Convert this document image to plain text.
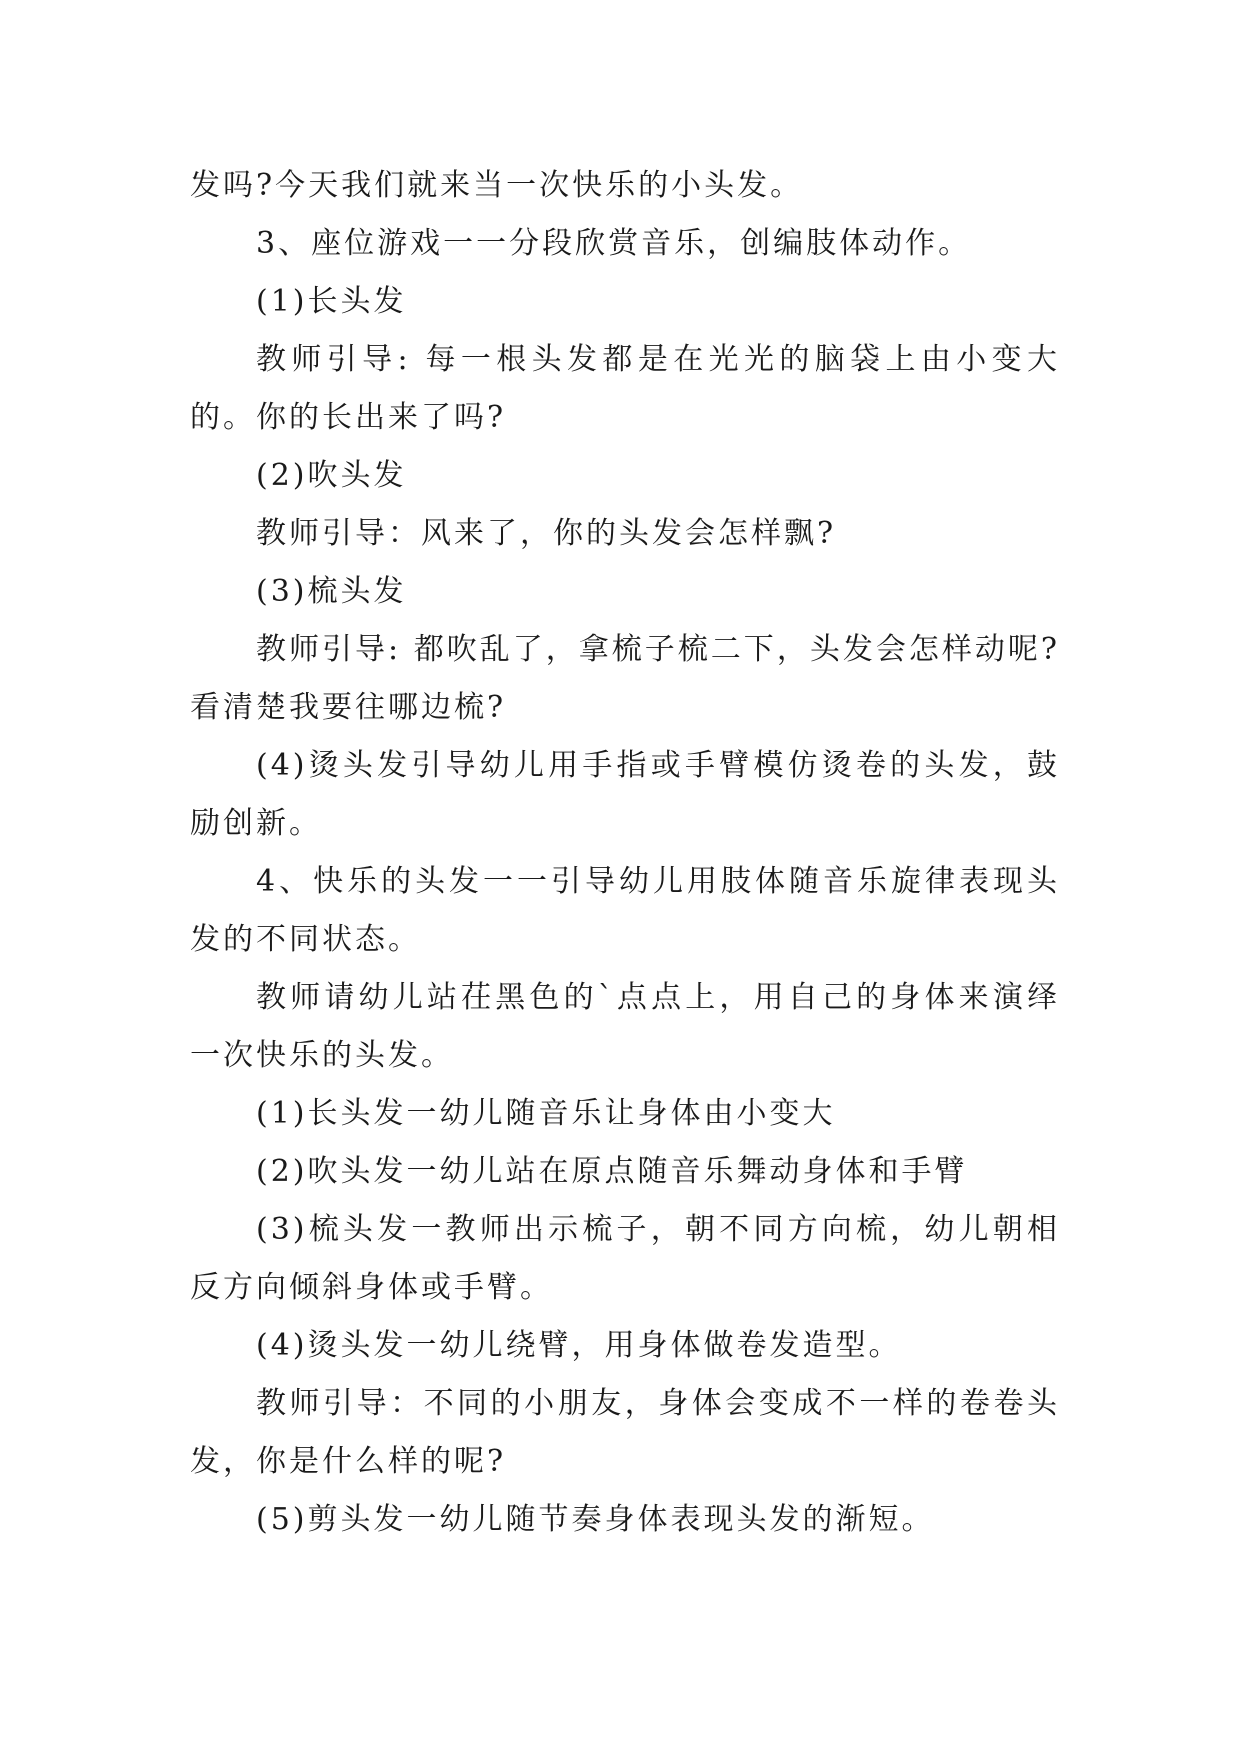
发吗?今天我们就来当一次快乐的小头发。

3、座位游戏一一分段欣赏音乐，创编肢体动作。

(1)长头发

教师引导: 每一根头发都是在光光的脑袋上由小变大的。你的长出来了吗?

(2)吹头发

教师引导：风来了，你的头发会怎样飘?

(3)梳头发

教师引导: 都吹乱了，拿梳子梳二下，头发会怎样动呢?看清楚我要往哪边梳?

(4)烫头发引导幼儿用手指或手臂模仿烫卷的头发，鼓励创新。

4、快乐的头发一一引导幼儿用肢体随音乐旋律表现头发的不同状态。

教师请幼儿站茌黑色的`点点上，用自己的身体来演绎一次快乐的头发。

(1)长头发一幼儿随音乐让身体由小变大

(2)吹头发一幼儿站在原点随音乐舞动身体和手臂

(3)梳头发一教师出示梳子，朝不同方向梳，幼儿朝相反方向倾斜身体或手臂。

(4)烫头发一幼儿绕臂，用身体做卷发造型。

教师引导：不同的小朋友，身体会变成不一样的卷卷头发，你是什么样的呢?

(5)剪头发一幼儿随节奏身体表现头发的渐短。
